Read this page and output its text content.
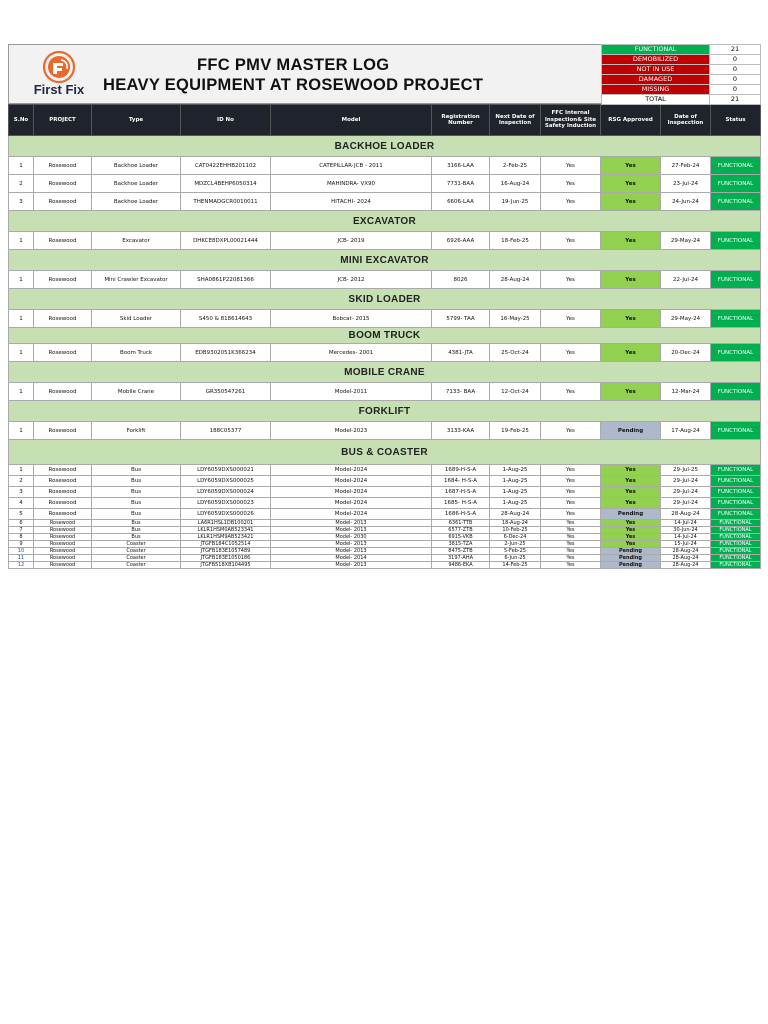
First Fix
FFC PMV MASTER LOG
HEAVY EQUIPMENT AT ROSEWOOD PROJECT
FUNCTIONAL	21
DEMOBILIZED	0
NOT IN USE	0
DAMAGED	0
MISSING	0
TOTAL	21
S.No	PROJECT	Type	ID No	Model	Registration Number	Next Date of Inspection	FFC Internal Inspection& Site Safety Induction	RSG Approved	Date of Inspecction	Status
BACKHOE LOADER										
1	Rosewood	Backhoe Loader	CAT0422EHHB201102	CATEPILLAR-JCB - 2011	3166-LAA	2-Feb-25	Yes	Yes	27-Feb-24	FUNCTIONAL
2	Rosewood	Backhoe Loader	MDZCL4BEHP6050314	MAHINDRA- VX90	7731-BAA	16-Aug-24	Yes	Yes	23-Jul-24	FUNCTIONAL
3	Rosewood	Backhoe Loader	THENMADGCR0010011	HITACHI- 2024	6606-LAA	19-Jun-25	Yes	Yes	24-Jun-24	FUNCTIONAL
EXCAVATOR										
1	Rosewood	Excavator	DHKCE8DXPL00021444	JCB- 2019	6926-AAA	18-Feb-25	Yes	Yes	29-May-24	FUNCTIONAL
MINI EXCAVATOR										
1	Rosewood	Mini Crawler Excavator	SHA0861P22081366	JCB- 2012	8026	28-Aug-24	Yes	Yes	22-Jul-24	FUNCTIONAL
SKID LOADER										
1	Rosewood	Skid Loader	S450 & 818614643	Bobcat- 2015	5799- TAA	16-May-25	Yes	Yes	29-May-24	FUNCTIONAL
BOOM TRUCK										
1	Rosewood	Boom Truck	EDB9302051K366234	Mercedes- 2001	4381-JTA	25-Oct-24	Yes	Yes	20-Dec-24	FUNCTIONAL
MOBILE CRANE										
1	Rosewood	Mobile Crane	GR350547261	Model-2011	7133- BAA	12-Oct-24	Yes	Yes	12-Mar-24	FUNCTIONAL
FORKLIFT										
1	Rosewood	Forklift	188C05377	Model-2023	3133-KAA	19-Feb-25	Yes	Pending	17-Aug-24	FUNCTIONAL
BUS & COASTER										
1	Rosewood	Bus	LDY6059DXS000021	Model-2024	1689-H-S-A	1-Aug-25	Yes	Yes	29-Jul-25	FUNCTIONAL
2	Rosewood	Bus	LDY6059DXS000025	Model-2024	1684- H-S-A	1-Aug-25	Yes	Yes	29-Jul-24	FUNCTIONAL
3	Rosewood	Bus	LDY6059DXS000024	Model-2024	1687-H-S-A	1-Aug-25	Yes	Yes	29-Jul-24	FUNCTIONAL
4	Rosewood	Bus	LDY6059DXS000023	Model-2024	1685- H-S-A	1-Aug-25	Yes	Yes	29-Jul-24	FUNCTIONAL
5	Rosewood	Bus	LDY6059DXS000026	Model-2024	1686-H-S-A	28-Aug-24	Yes	Pending	28-Aug-24	FUNCTIONAL
6	Rosewood	Bus	LA6R1HSL1DB100201	Model- 2013	6361-TTB	18-Aug-24	Yes	Yes	14-Jul-24	FUNCTIONAL
7	Rosewood	Bus	LKLR1HSM0AB523341	Model- 2013	6577-ZTB	10-Feb-25	Yes	Yes	30-Jun-24	FUNCTIONAL
8	Rosewood	Bus	LKLR1HSM9AB523421	Model- 2030	6915-VKB	6-Dec-24	Yes	Yes	14-Jul-24	FUNCTIONAL
9	Rosewood	Coaster	JTGFB184C1052514	Model- 2013	3815-TZA	2-Jun-25	Yes	Yes	15-Jul-24	FUNCTIONAL
10	Rosewood	Coaster	JTGFB183E1057489	Model- 2013	8475-ZTB	5-Feb-25	Yes	Pending	28-Aug-24	FUNCTIONAL
11	Rosewood	Coaster	JTGFB183E1050186	Model- 2014	3197-AHA	6-Jun-25	Yes	Pending	28-Aug-24	FUNCTIONAL
12	Rosewood	Coaster	JTGFB518XB104495	Model- 2013	9486-EKA	14-Feb-25	Yes	Pending	28-Aug-24	FUNCTIONAL
